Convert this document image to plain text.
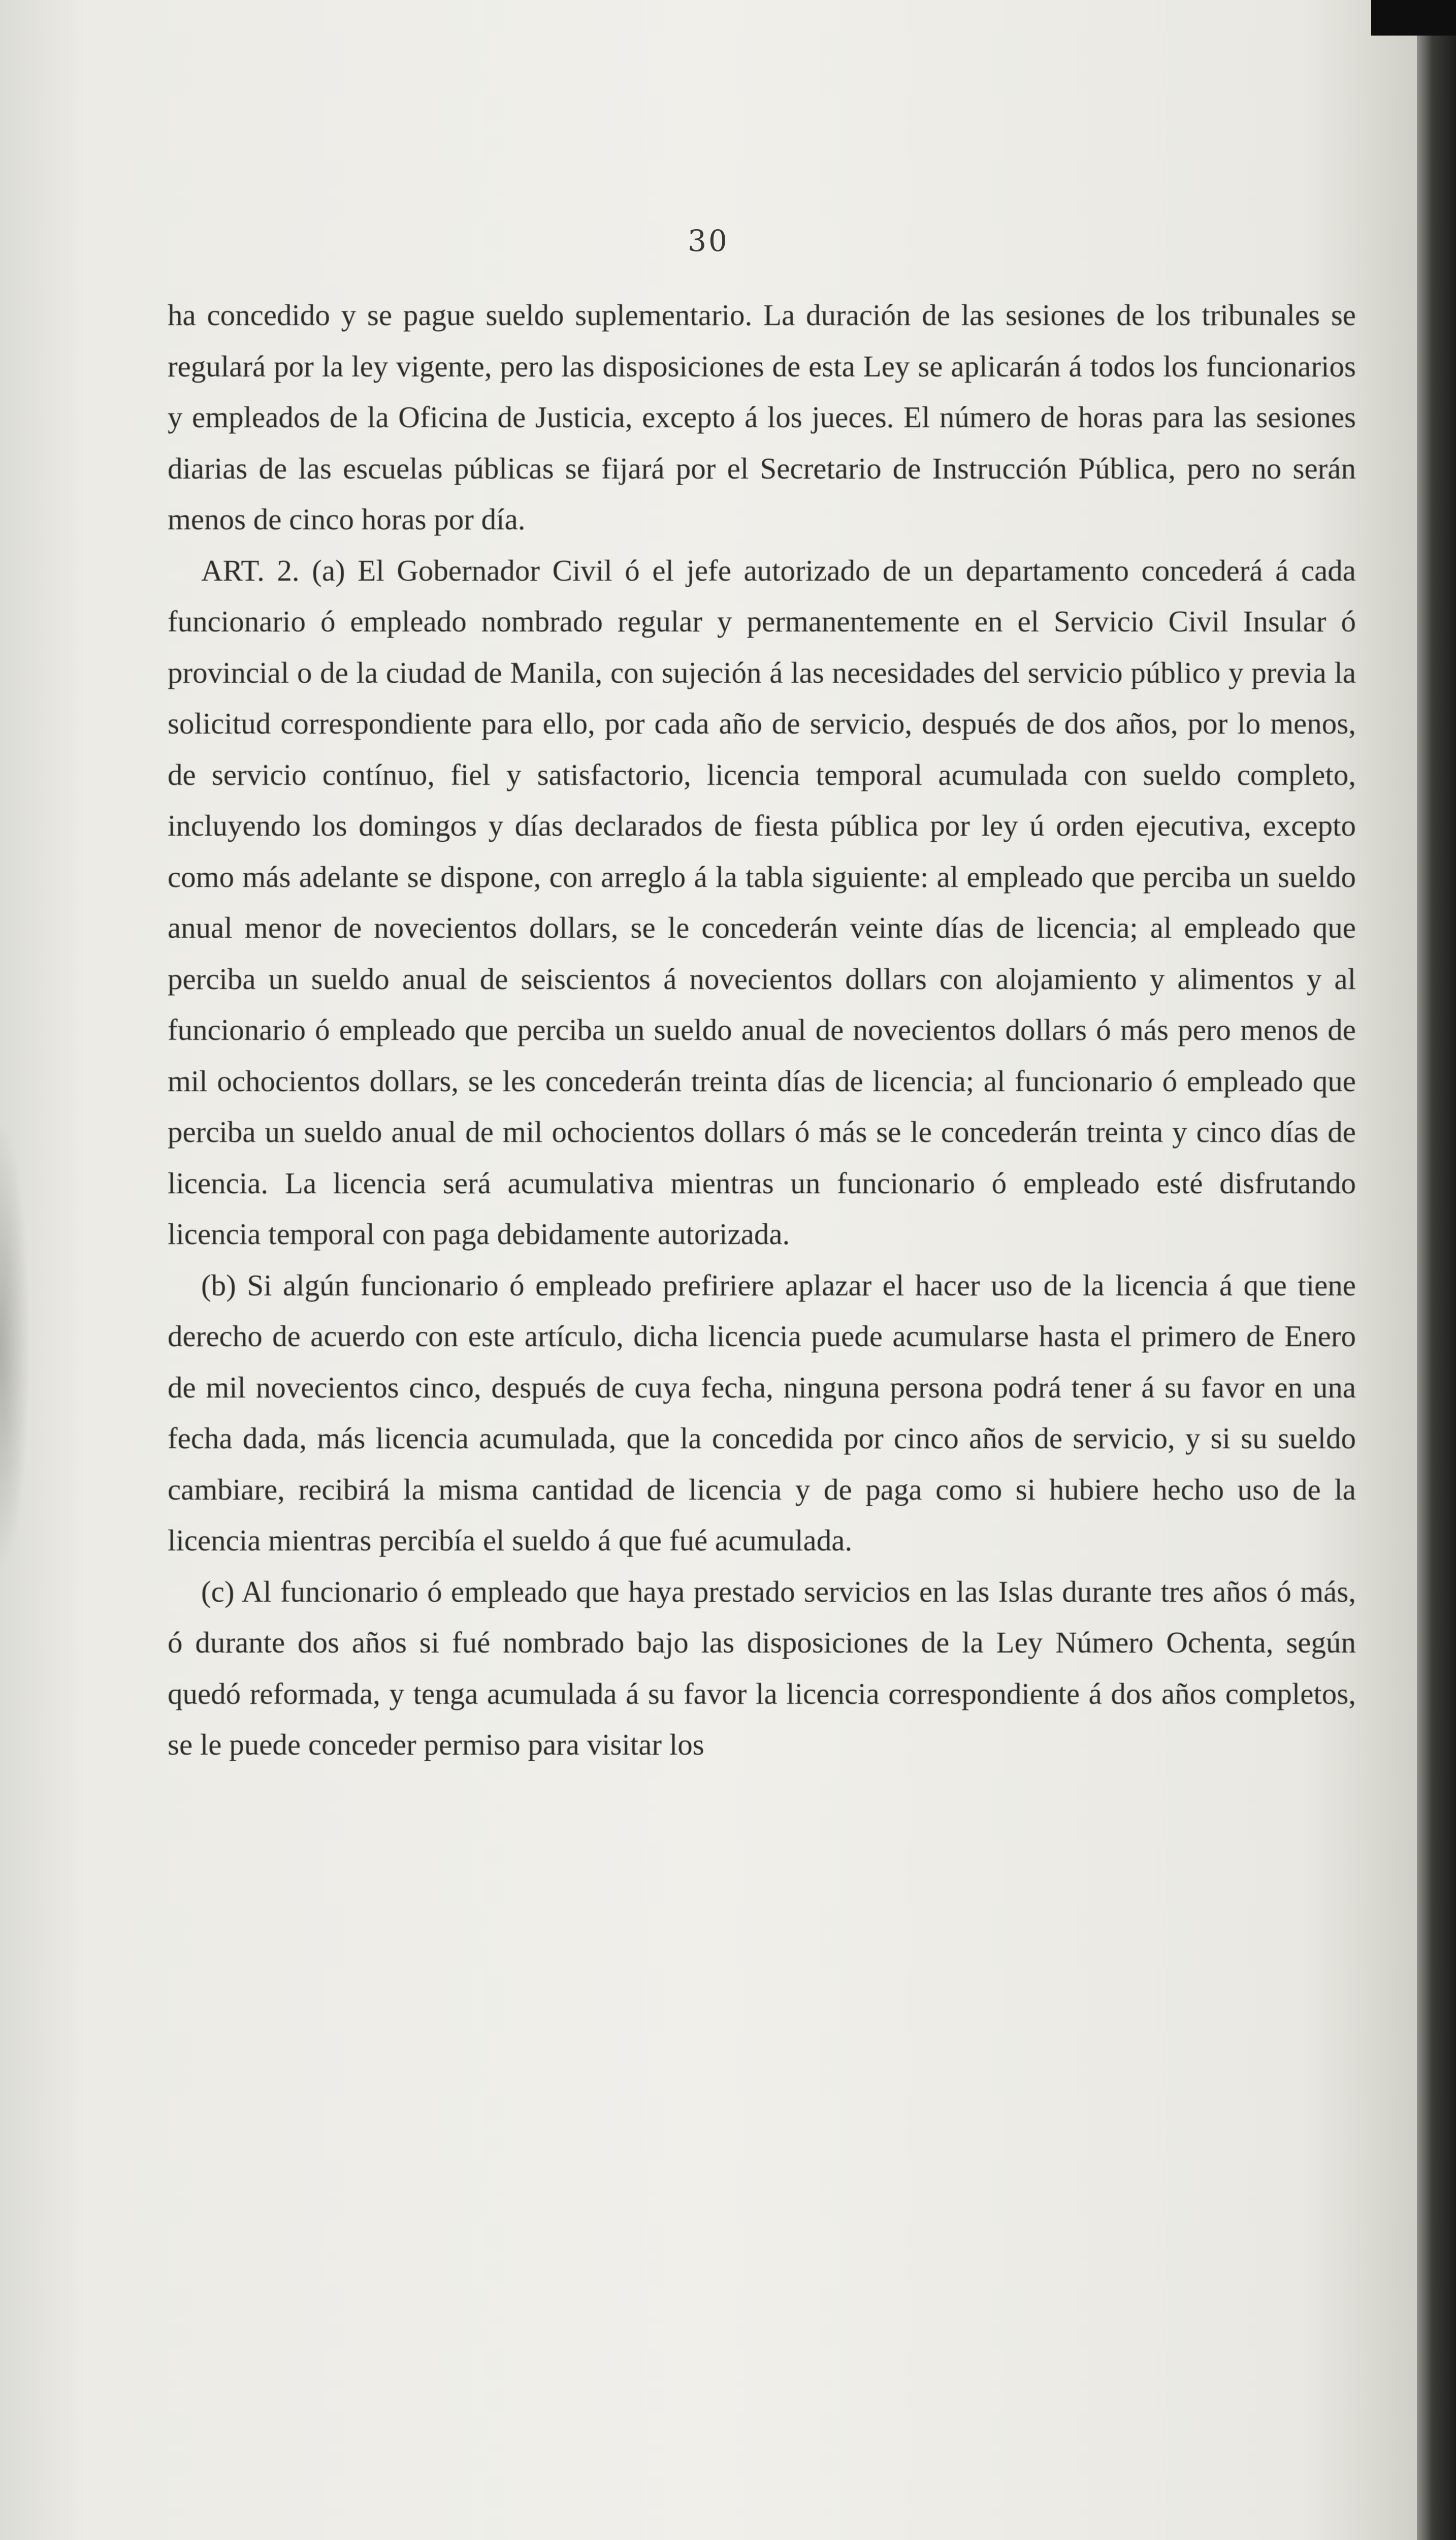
30

ha concedido y se pague sueldo suplementario. La duración de las sesiones de los tribunales se regulará por la ley vigente, pero las disposiciones de esta Ley se aplicarán á todos los funcionarios y empleados de la Oficina de Justicia, excepto á los jueces. El número de horas para las sesiones diarias de las escuelas públicas se fijará por el Secretario de Instrucción Pública, pero no serán menos de cinco horas por día.

ART. 2. (a) El Gobernador Civil ó el jefe autorizado de un departamento concederá á cada funcionario ó empleado nombrado regular y permanentemente en el Servicio Civil Insular ó provincial o de la ciudad de Manila, con sujeción á las necesidades del servicio público y previa la solicitud correspondiente para ello, por cada año de servicio, después de dos años, por lo menos, de servicio contínuo, fiel y satisfactorio, licencia temporal acumulada con sueldo completo, incluyendo los domingos y días declarados de fiesta pública por ley ú orden ejecutiva, excepto como más adelante se dispone, con arreglo á la tabla siguiente: al empleado que perciba un sueldo anual menor de novecientos dollars, se le concederán veinte días de licencia; al empleado que perciba un sueldo anual de seiscientos á novecientos dollars con alojamiento y alimentos y al funcionario ó empleado que perciba un sueldo anual de novecientos dollars ó más pero menos de mil ochocientos dollars, se les concederán treinta días de licencia; al funcionario ó empleado que perciba un sueldo anual de mil ochocientos dollars ó más se le concederán treinta y cinco días de licencia. La licencia será acumulativa mientras un funcionario ó empleado esté disfrutando licencia temporal con paga debidamente autorizada.

(b) Si algún funcionario ó empleado prefiriere aplazar el hacer uso de la licencia á que tiene derecho de acuerdo con este artículo, dicha licencia puede acumularse hasta el primero de Enero de mil novecientos cinco, después de cuya fecha, ninguna persona podrá tener á su favor en una fecha dada, más licencia acumulada, que la concedida por cinco años de servicio, y si su sueldo cambiare, recibirá la misma cantidad de licencia y de paga como si hubiere hecho uso de la licencia mientras percibía el sueldo á que fué acumulada.

(c) Al funcionario ó empleado que haya prestado servicios en las Islas durante tres años ó más, ó durante dos años si fué nombrado bajo las disposiciones de la Ley Número Ochenta, según quedó reformada, y tenga acumulada á su favor la licencia correspondiente á dos años completos, se le puede conceder permiso para visitar los
